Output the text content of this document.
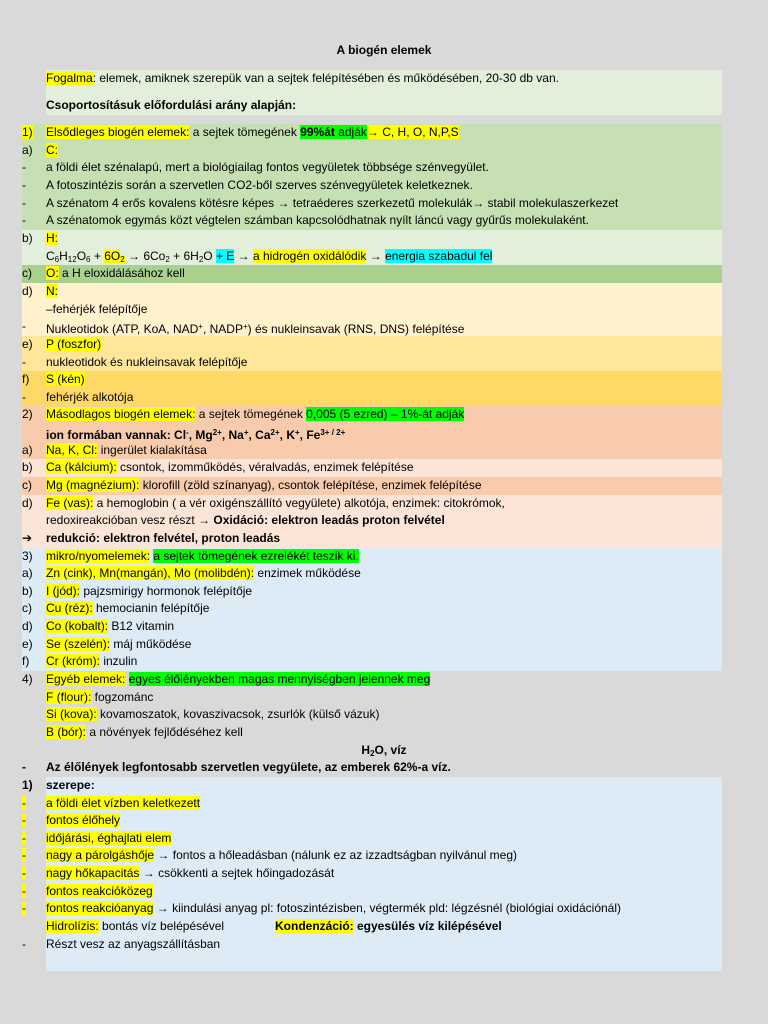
A biogén elemek
Fogalma: elemek, amiknek szerepük van a sejtek felépítésében és működésében, 20-30 db van.
Csoportosításuk előfordulási arány alapján:
1)	Elsődleges biogén elemek: a sejtek tömegének 99%át adják→ C, H, O, N,P,S
a)	C:
-	a földi élet szénalapú, mert a biológiailag fontos vegyületek többsége szénvegyület.
-	A fotoszintézis során a szervetlen CO2-ből szerves szénvegyületek keletkeznek.
-	A szénatom 4 erős kovalens kötésre képes → tetraéderes szerkezetű molekulák→ stabil molekulaszerkezet
-	A szénatomok egymás közt végtelen számban kapcsolódhatnak nyílt láncú vagy gyűrűs molekulaként.
b)	H:
$C_6H_{12}O_6 + 6O_2 \to 6Co_2 + 6H_2O + E \to a$ hidrogén oxidálódik → energia szabadul fel
c)	O: a H eloxidálásához kell
d)	N:
–fehérjék felépítője
-	Nukleotidok (ATP, KoA, NAD+, NADP+) és nukleinsavak (RNS, DNS) felépítése
e)	P (foszfor)
-	nukleotidok és nukleinsavak felépítője
f)	S (kén)
-	fehérjék alkotója
2)	Másodlagos biogén elemek: a sejtek tömegének 0,005 (5 ezred) – 1%-át adják
ion formában vannak: Cl-, $Mg^{2+}$, Na+, $Ca^{2+}$, K+, $Fe^{3+ / 2+}$
a)	Na, K, Cl: ingerület kialakítása
b)	Ca (kálcium): csontok, izomműködés, véralvadás, enzimek felépítése
c)	Mg (magnézium): klorofill (zöld színanyag), csontok felépítése, enzimek felépítése
d)	Fe (vas): a hemoglobin ( a vér oxigénszállító vegyülete) alkotója, enzimek: citokrómok,
redoxireakcióban vesz részt → Oxidáció: elektron leadás proton felvétel
➔	redukció: elektron felvétel, proton leadás
3)	mikro/nyomelemek: a sejtek tömegének ezrelékét teszik ki.
a)	Zn (cink), Mn(mangán), Mo (molibdén): enzimek működése
b)	I (jód): pajzsmirigy hormonok felépítője
c)	Cu (réz): hemocianin felépítője
d)	Co (kobalt): B12 vitamin
e)	Se (szelén): máj működése
f)	Cr (króm): inzulin
4)	Egyéb elemek: egyes élőlényekben magas mennyiségben jelennek meg
F (flour): fogzománc
Si (kova): kovamoszatok, kovaszivacsok, zsurlók (külső vázuk)
B (bór): a növények fejlődéséhez kell
$H_2O$, víz
-	Az élőlények legfontosabb szervetlen vegyülete, az emberek 62%-a víz.
1)	szerepe:
-	a földi élet vízben keletkezett
-	fontos élőhely
-	időjárási, éghajlati elem
-	nagy a párolgáshője → fontos a hőleadásban (nálunk ez az izzadtságban nyilvánul meg)
-	nagy hőkapacitás → csökkenti a sejtek hőingadozását
-	fontos reakcióközeg
-	fontos reakcióanyag → kiindulási anyag pl: fotoszintézisben, végtermék pld: légzésnél (biológiai oxidációnál)
Hidrolízis: bontás víz belépésével	Kondenzáció: egyesülés víz kilépésével
-	Részt vesz az anyagszállításban
